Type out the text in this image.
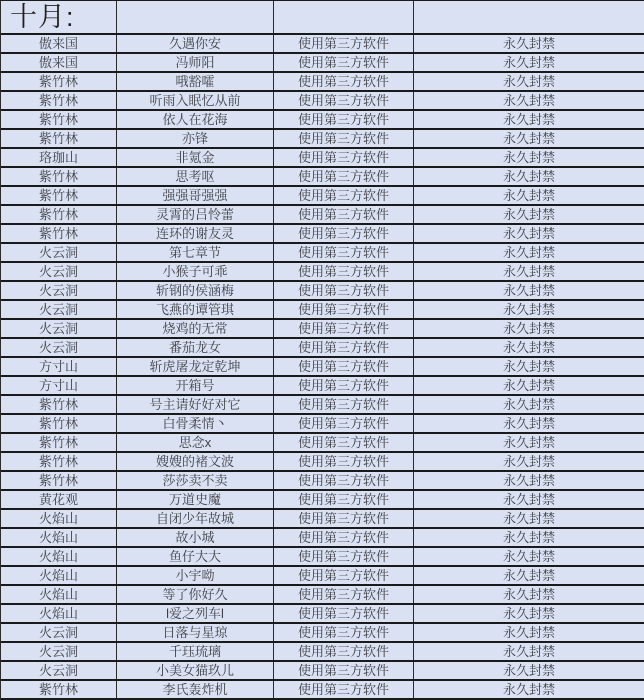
十月:
傲来国	久遇你安	使用第三方软件	永久封禁
傲来国	冯师阳	使用第三方软件	永久封禁
紫竹林	哦豁嚯	使用第三方软件	永久封禁
紫竹林	听雨入眠忆从前	使用第三方软件	永久封禁
紫竹林	依人在花海	使用第三方软件	永久封禁
紫竹林	亦锋	使用第三方软件	永久封禁
珞珈山	非氪金	使用第三方软件	永久封禁
紫竹林	思考呕	使用第三方软件	永久封禁
紫竹林	强强哥强强	使用第三方软件	永久封禁
紫竹林	灵霄的吕怜蕾	使用第三方软件	永久封禁
紫竹林	连环的谢友灵	使用第三方软件	永久封禁
火云洞	第七章节	使用第三方软件	永久封禁
火云洞	小猴子可乖	使用第三方软件	永久封禁
火云洞	斩钢的侯涵梅	使用第三方软件	永久封禁
火云洞	飞燕的谭管琪	使用第三方软件	永久封禁
火云洞	烧鸡的无常	使用第三方软件	永久封禁
火云洞	番茄龙女	使用第三方软件	永久封禁
方寸山	斩虎屠龙定乾坤	使用第三方软件	永久封禁
方寸山	开箱号	使用第三方软件	永久封禁
紫竹林	号主请好好对它	使用第三方软件	永久封禁
紫竹林	白骨柔情丶	使用第三方软件	永久封禁
紫竹林	思念x	使用第三方软件	永久封禁
紫竹林	嫂嫂的褚文波	使用第三方软件	永久封禁
紫竹林	莎莎卖不卖	使用第三方软件	永久封禁
黄花观	万道史魔	使用第三方软件	永久封禁
火焰山	自闭少年故城	使用第三方软件	永久封禁
火焰山	故小城	使用第三方软件	永久封禁
火焰山	鱼仔大大	使用第三方软件	永久封禁
火焰山	小宇呦	使用第三方软件	永久封禁
火焰山	等了你好久	使用第三方软件	永久封禁
火焰山	l爱之列车l	使用第三方软件	永久封禁
火云洞	日落与星琼	使用第三方软件	永久封禁
火云洞	千珏琉璃	使用第三方软件	永久封禁
火云洞	小美女猫玖儿	使用第三方软件	永久封禁
紫竹林	李氏轰炸机	使用第三方软件	永久封禁
